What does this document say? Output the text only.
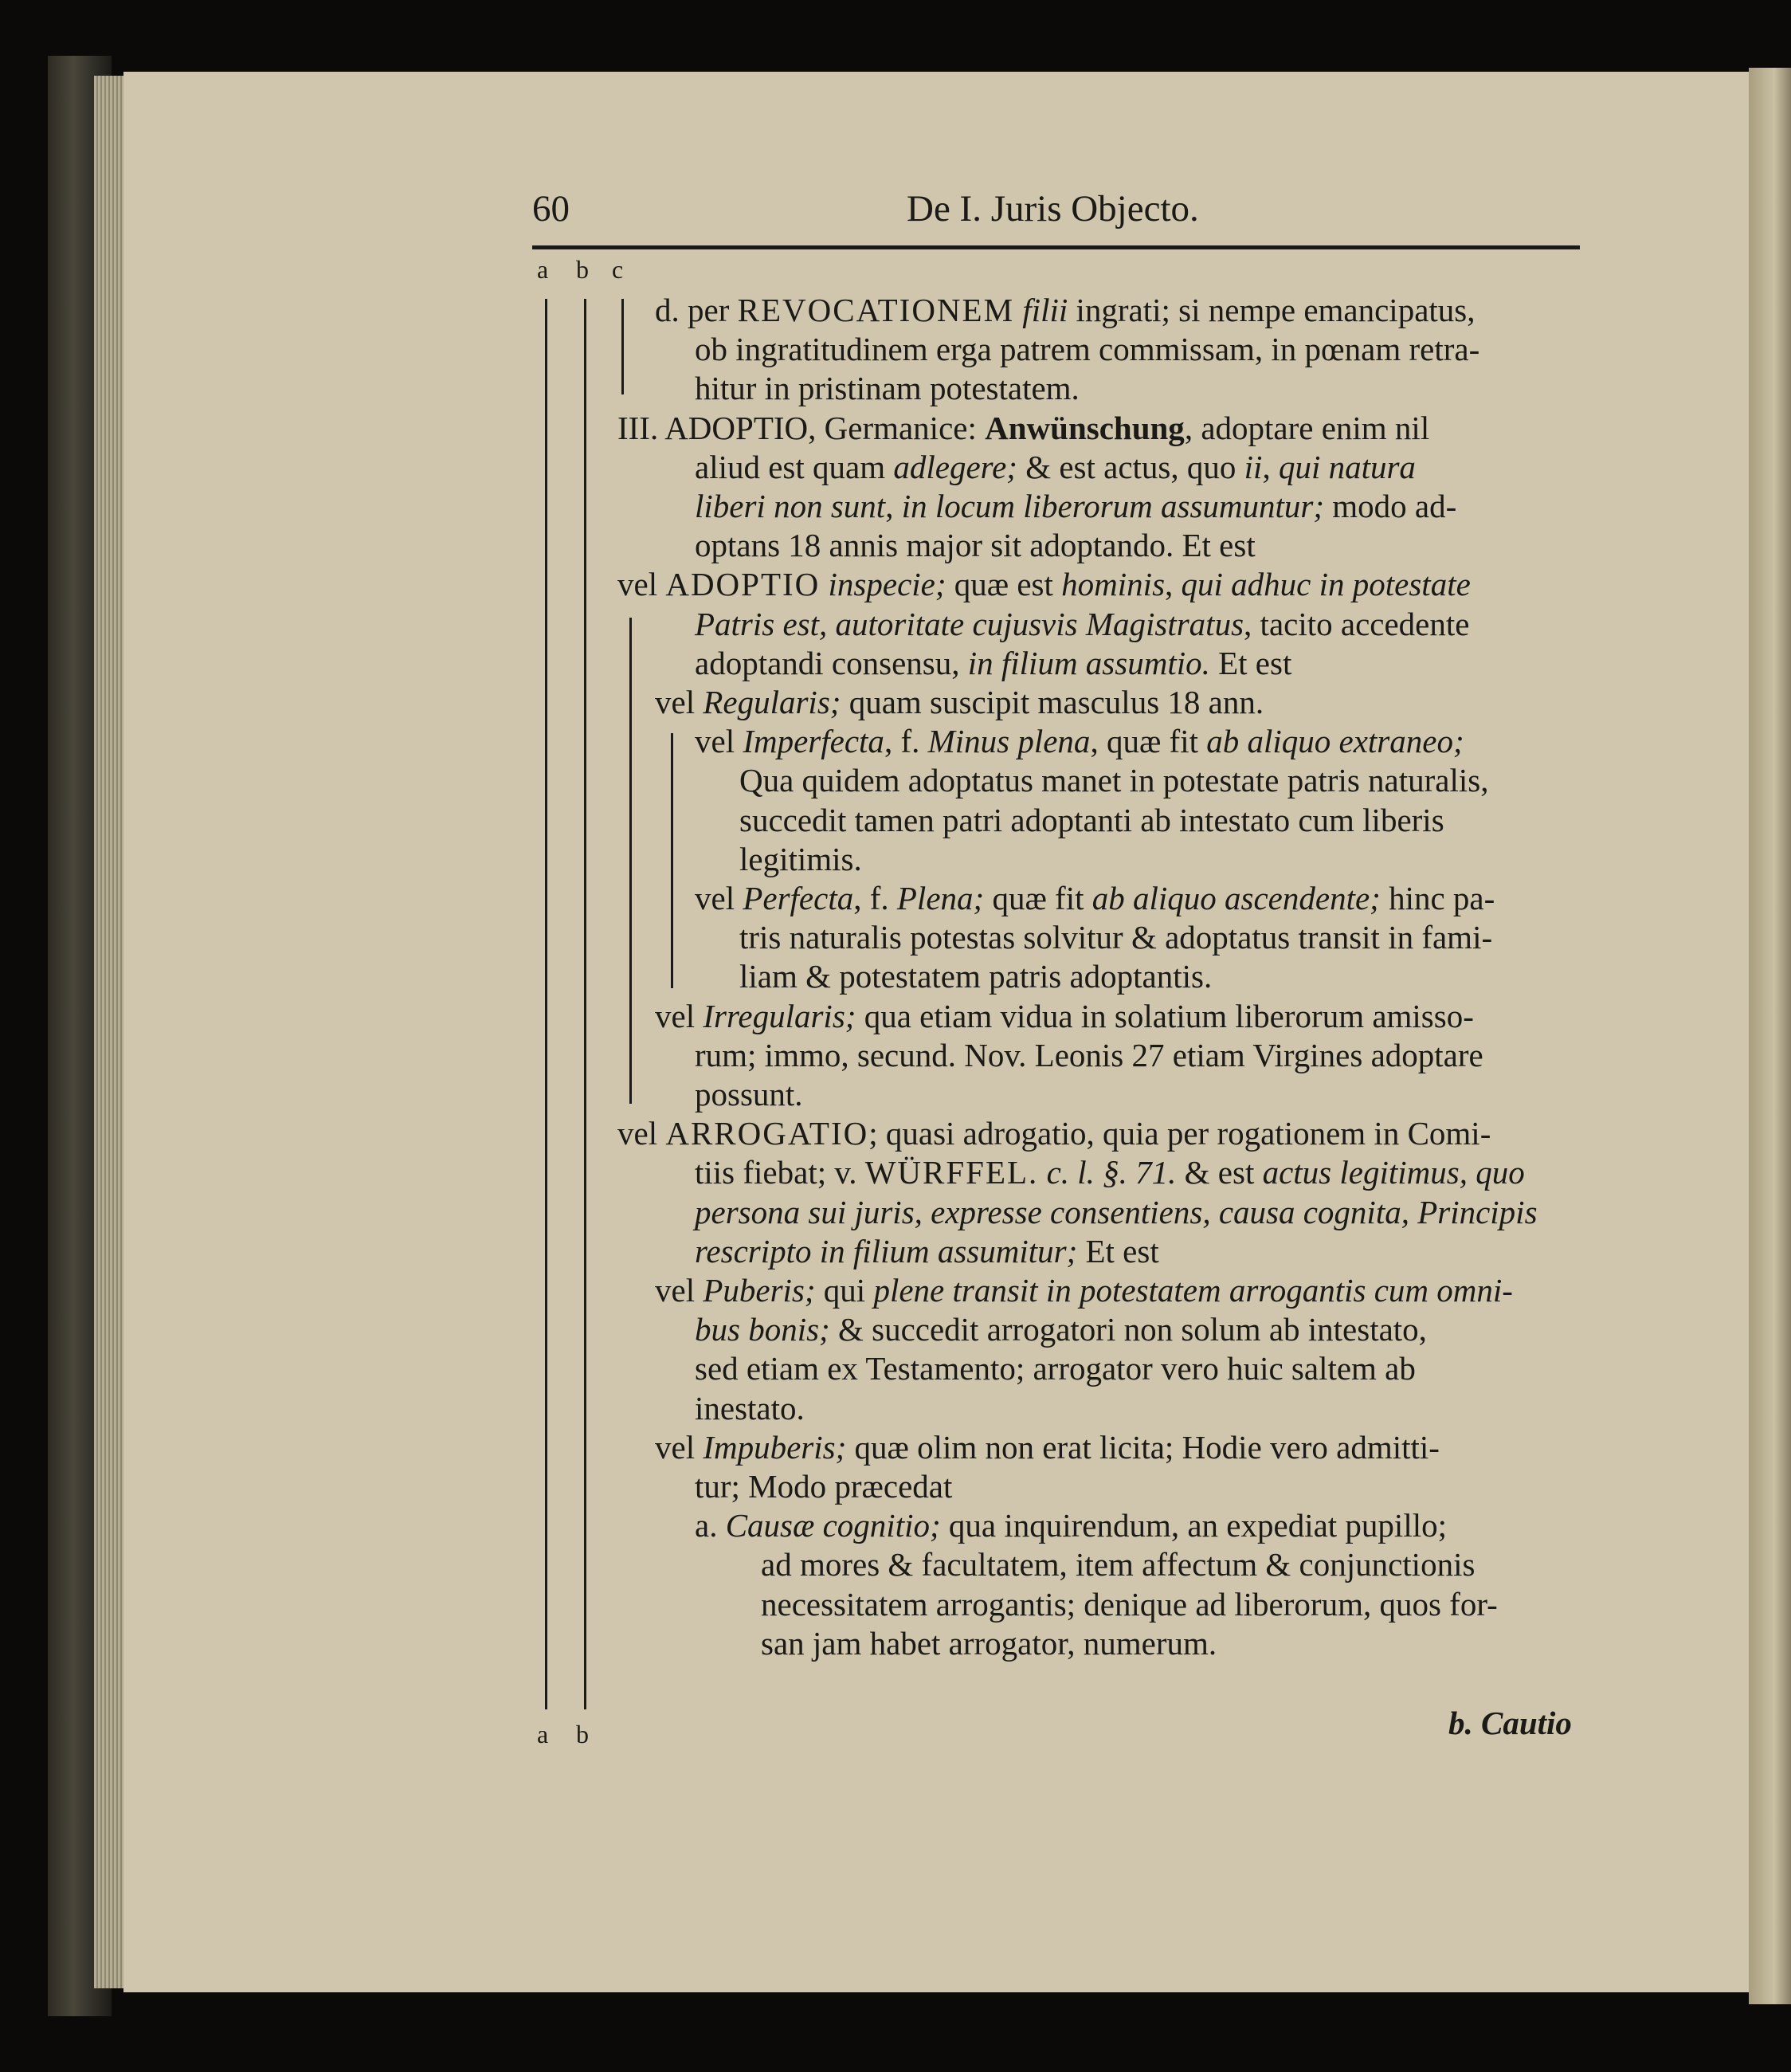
60	De I. Juris Objecto.
a b c
a b
d. per REVOCATIONEM filii ingrati; si nempe emancipatus,
ob ingratitudinem erga patrem commissam, in pœnam retra-
hitur in pristinam potestatem.
III. ADOPTIO, Germanice: Anwünschung, adoptare enim nil
aliud est quam adlegere; & est actus, quo ii, qui natura
liberi non sunt, in locum liberorum assumuntur; modo ad-
optans 18 annis major sit adoptando. Et est
vel ADOPTIO inspecie; quæ est hominis, qui adhuc in potestate
Patris est, autoritate cujusvis Magistratus, tacito accedente
adoptandi consensu, in filium assumtio. Et est
vel Regularis; quam suscipit masculus 18 ann.
vel Imperfecta, f. Minus plena, quæ fit ab aliquo extraneo;
Qua quidem adoptatus manet in potestate patris naturalis,
succedit tamen patri adoptanti ab intestato cum liberis
legitimis.
vel Perfecta, f. Plena; quæ fit ab aliquo ascendente; hinc pa-
tris naturalis potestas solvitur & adoptatus transit in fami-
liam & potestatem patris adoptantis.
vel Irregularis; qua etiam vidua in solatium liberorum amisso-
rum; immo, secund. Nov. Leonis 27 etiam Virgines adoptare
possunt.
vel ARROGATIO; quasi adrogatio, quia per rogationem in Comi-
tiis fiebat; v. WÜRFFEL. c. l. §. 71. & est actus legitimus, quo
persona sui juris, expresse consentiens, causa cognita, Principis
rescripto in filium assumitur; Et est
vel Puberis; qui plene transit in potestatem arrogantis cum omni-
bus bonis; & succedit arrogatori non solum ab intestato,
sed etiam ex Testamento; arrogator vero huic saltem ab
inestato.
vel Impuberis; quæ olim non erat licita; Hodie vero admitti-
tur; Modo præcedat
a. Causæ cognitio; qua inquirendum, an expediat pupillo;
ad mores & facultatem, item affectum & conjunctionis
necessitatem arrogantis; denique ad liberorum, quos for-
san jam habet arrogator, numerum.
b. Cautio
